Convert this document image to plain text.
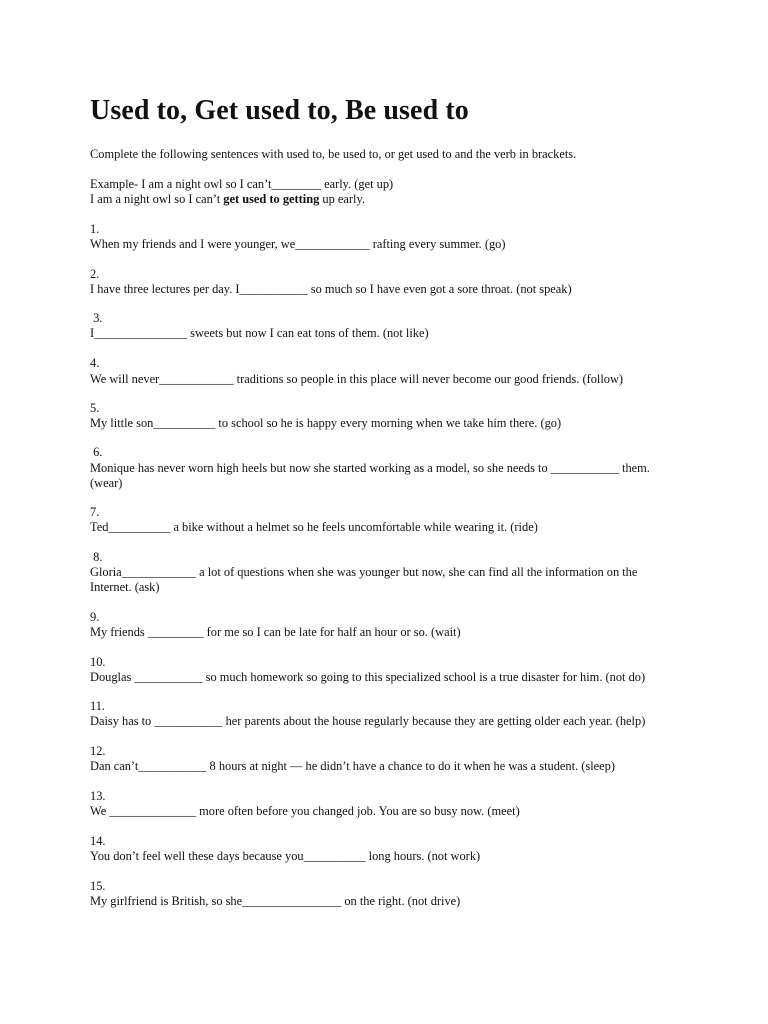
Used to, Get used to, Be used to
Complete the following sentences with used to, be used to, or get used to and the verb in brackets.
Example- I am a night owl so I can’t________ early. (get up)
I am a night owl so I can’t get used to getting up early.
1.
When my friends and I were younger, we____________ rafting every summer. (go)
2.
I have three lectures per day. I___________ so much so I have even got a sore throat. (not speak)
3.
I_______________ sweets but now I can eat tons of them. (not like)
4.
We will never____________ traditions so people in this place will never become our good friends. (follow)
5.
My little son__________ to school so he is happy every morning when we take him there. (go)
6.
Monique has never worn high heels but now she started working as a model, so she needs to ___________ them. (wear)
7.
Ted__________ a bike without a helmet so he feels uncomfortable while wearing it. (ride)
8.
Gloria____________ a lot of questions when she was younger but now, she can find all the information on the Internet. (ask)
9.
My friends _________ for me so I can be late for half an hour or so. (wait)
10.
Douglas ___________ so much homework so going to this specialized school is a true disaster for him. (not do)
11.
Daisy has to ___________ her parents about the house regularly because they are getting older each year. (help)
12.
Dan can’t___________ 8 hours at night — he didn’t have a chance to do it when he was a student. (sleep)
13.
We ______________ more often before you changed job. You are so busy now. (meet)
14.
You don’t feel well these days because you__________ long hours. (not work)
15.
My girlfriend is British, so she________________ on the right. (not drive)
